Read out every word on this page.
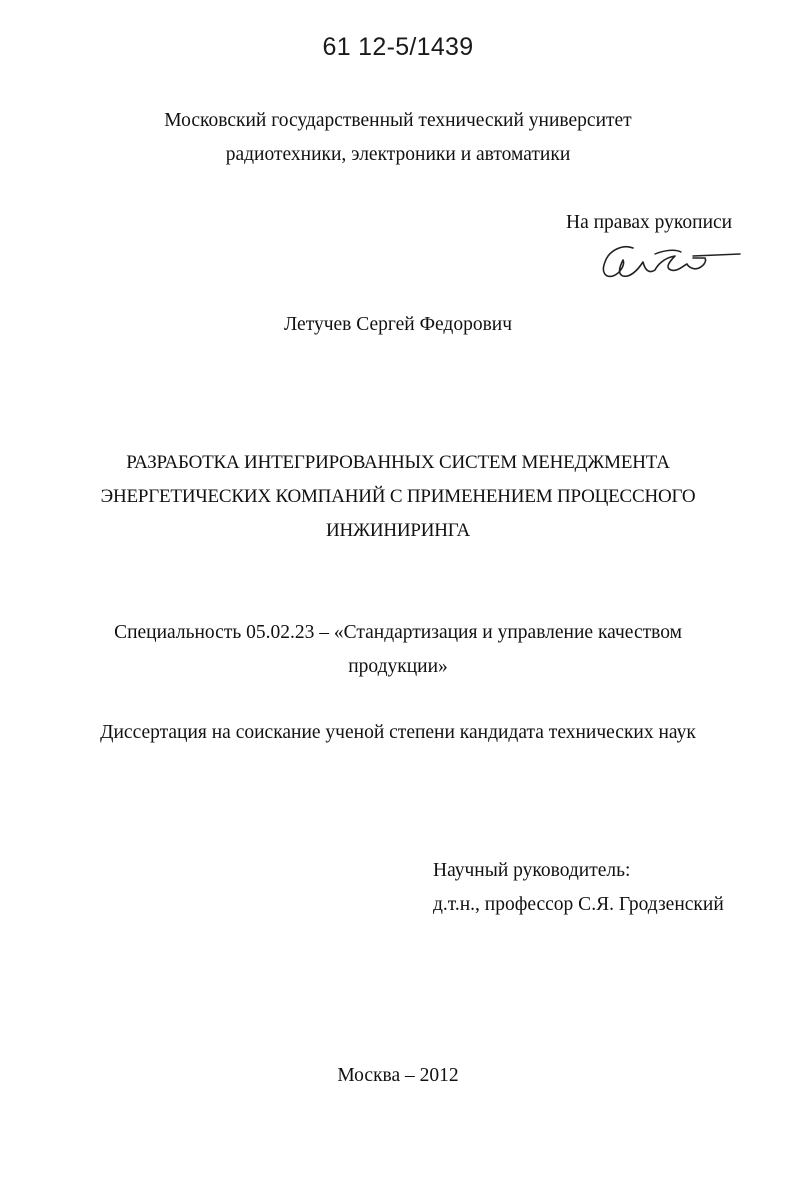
61 12-5/1439
Московский государственный технический университет
радиотехники, электроники и автоматики
На правах рукописи
Летучев Сергей Федорович
РАЗРАБОТКА ИНТЕГРИРОВАННЫХ СИСТЕМ МЕНЕДЖМЕНТА
ЭНЕРГЕТИЧЕСКИХ КОМПАНИЙ С ПРИМЕНЕНИЕМ ПРОЦЕССНОГО
ИНЖИНИРИНГА
Специальность 05.02.23 – «Стандартизация и управление качеством
продукции»
Диссертация на соискание ученой степени кандидата технических наук
Научный руководитель:
д.т.н., профессор С.Я. Гродзенский
Москва – 2012
